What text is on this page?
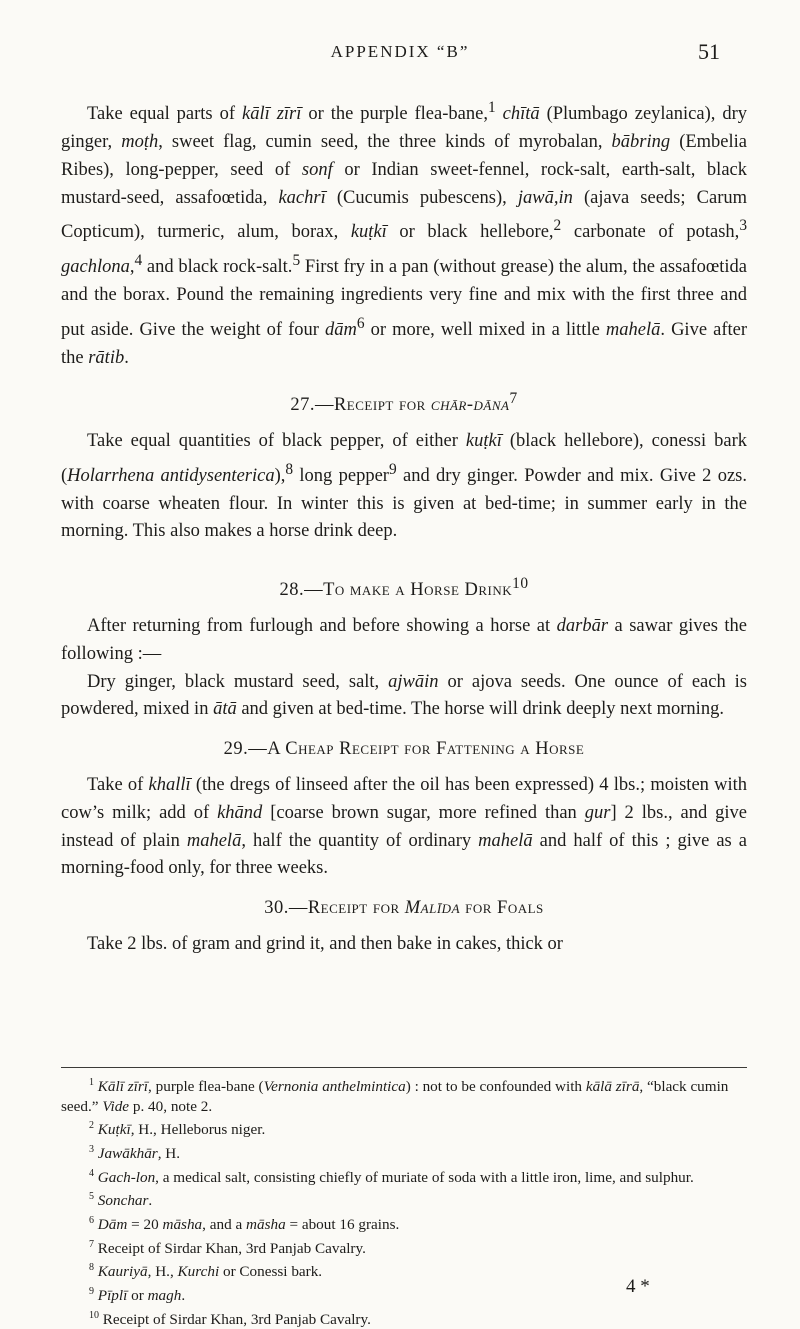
APPENDIX “B”	51

Take equal parts of kālī zīrī or the purple flea-bane,$^1$ chītā (Plumbago zeylanica), dry ginger, moṭh, sweet flag, cumin seed, the three kinds of myrobalan, bābring (Embelia Ribes), long-pepper, seed of sonf or Indian sweet-fennel, rock-salt, earth-salt, black mustard-seed, assafoœtida, kachrī (Cucumis pubescens), jawā,in (ajava seeds; Carum Copticum), turmeric, alum, borax, kuṭkī or black hellebore,$^2$ carbonate of potash,$^3$ gachlona,$^4$ and black rock-salt.$^5$ First fry in a pan (without grease) the alum, the assafoœtida and the borax. Pound the remaining ingredients very fine and mix with the first three and put aside. Give the weight of four dām$^6$ or more, well mixed in a little mahelā. Give after the rātib.

27.—Receipt for chār-dāna$^7$

Take equal quantities of black pepper, of either kuṭkī (black hellebore), conessi bark (Holarrhena antidysenterica),$^8$ long pepper$^9$ and dry ginger. Powder and mix. Give 2 ozs. with coarse wheaten flour. In winter this is given at bed-time; in summer early in the morning. This also makes a horse drink deep.

28.—To make a Horse Drink$^{10}$

After returning from furlough and before showing a horse at darbār a sawar gives the following :—

Dry ginger, black mustard seed, salt, ajwāin or ajova seeds. One ounce of each is powdered, mixed in ātā and given at bed-time. The horse will drink deeply next morning.

29.—A Cheap Receipt for Fattening a Horse

Take of khallī (the dregs of linseed after the oil has been expressed) 4 lbs.; moisten with cow’s milk; add of khānd [coarse brown sugar, more refined than gur] 2 lbs., and give instead of plain mahelā, half the quantity of ordinary mahelā and half of this ; give as a morning-food only, for three weeks.

30.—Receipt for Malīda for Foals

Take 2 lbs. of gram and grind it, and then bake in cakes, thick or

$^1$ Kālī zīrī, purple flea-bane (Vernonia anthelmintica) : not to be confounded with kālā zīrā, “black cumin seed.” Vide p. 40, note 2.

$^2$ Kuṭkī, H., Helleborus niger.

$^3$ Jawākhār, H.

$^4$ Gach-lon, a medical salt, consisting chiefly of muriate of soda with a little iron, lime, and sulphur.

$^5$ Sonchar.

$^6$ Dām = 20 māsha, and a māsha = about 16 grains.

$^7$ Receipt of Sirdar Khan, 3rd Panjab Cavalry.

$^8$ Kauriyā, H., Kurchi or Conessi bark.

$^9$ Pīplī or magh.

$^{10}$ Receipt of Sirdar Khan, 3rd Panjab Cavalry.

4 *
